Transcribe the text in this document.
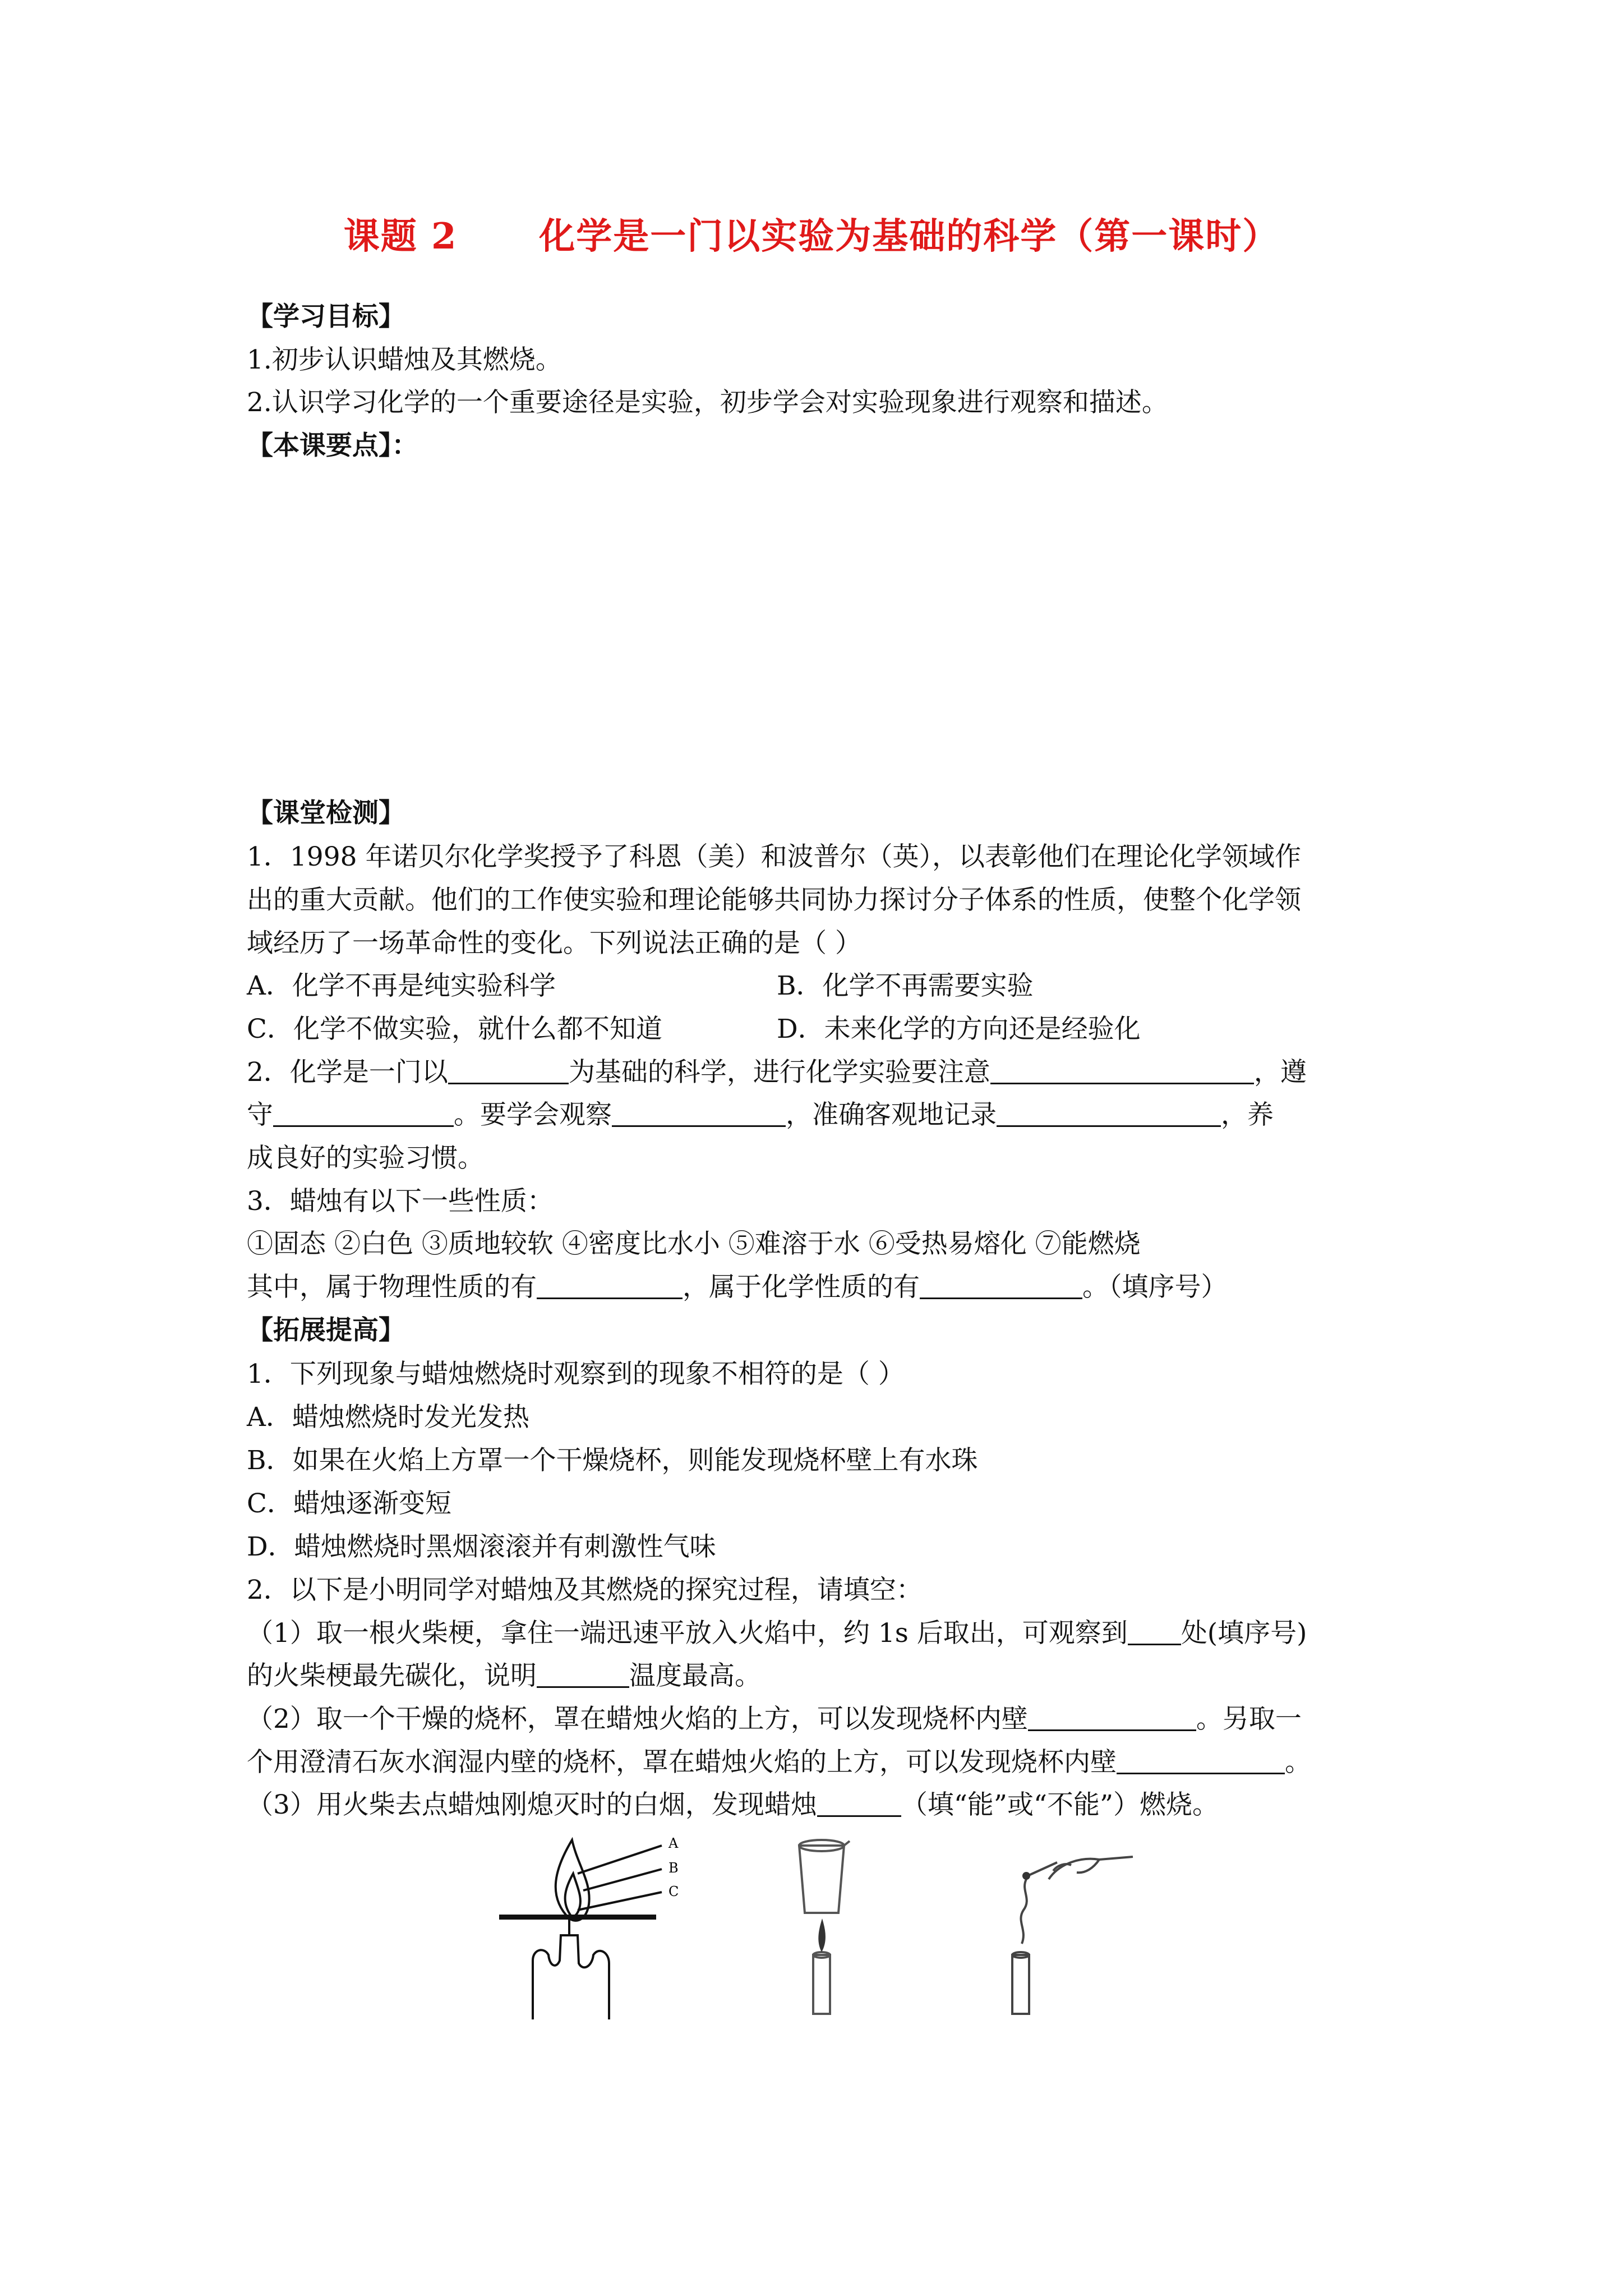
课题 2      化学是一门以实验为基础的科学（第一课时）
【学习目标】
1.初步认识蜡烛及其燃烧。
2.认识学习化学的一个重要途径是实验，初步学会对实验现象进行观察和描述。
【本课要点】：
【课堂检测】
1．1998 年诺贝尔化学奖授予了科恩（美）和波普尔（英），以表彰他们在理论化学领域作
出的重大贡献。他们的工作使实验和理论能够共同协力探讨分子体系的性质，使整个化学领
域经历了一场革命性的变化。下列说法正确的是（ ）
A．化学不再是纯实验科学	B．化学不再需要实验
C．化学不做实验，就什么都不知道	D．未来化学的方向还是经验化
2．化学是一门以	为基础的科学，进行化学实验要注意	，遵
守	。要学会观察	，准确客观地记录	，养
成良好的实验习惯。
3．蜡烛有以下一些性质：
①固态 ②白色 ③质地较软 ④密度比水小 ⑤难溶于水 ⑥受热易熔化 ⑦能燃烧
其中，属于物理性质的有	，属于化学性质的有	。（填序号）
【拓展提高】
1．下列现象与蜡烛燃烧时观察到的现象不相符的是（ ）
A．蜡烛燃烧时发光发热
B．如果在火焰上方罩一个干燥烧杯，则能发现烧杯壁上有水珠
C．蜡烛逐渐变短
D．蜡烛燃烧时黑烟滚滚并有刺激性气味
2．以下是小明同学对蜡烛及其燃烧的探究过程，请填空：
（1）取一根火柴梗，拿住一端迅速平放入火焰中，约 1s 后取出，可观察到 处(填序号)
的火柴梗最先碳化，说明	温度最高。
（2）取一个干燥的烧杯，罩在蜡烛火焰的上方，可以发现烧杯内壁	。另取一
个用澄清石灰水润湿内壁的烧杯，罩在蜡烛火焰的上方，可以发现烧杯内壁	。
（3）用火柴去点蜡烛刚熄灭时的白烟，发现蜡烛	（填“能”或“不能”）燃烧。
A
B
C
